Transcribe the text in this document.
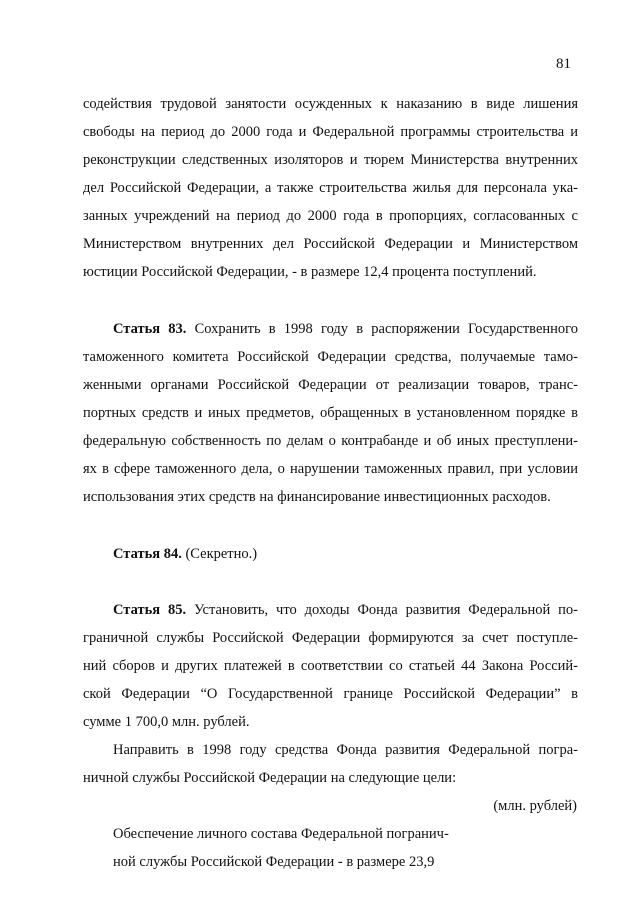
81
содействия трудовой занятости осужденных к наказанию в виде лишения
свободы на период до 2000 года и Федеральной программы строительства и
реконструкции следственных изоляторов и тюрем Министерства внутренних
дел Российской Федерации, а также строительства жилья для персонала ука-
занных учреждений на период до 2000 года в пропорциях, согласованных с
Министерством внутренних дел Российской Федерации и Министерством
юстиции Российской Федерации, - в размере 12,4 процента поступлений.
Статья 83. Сохранить в 1998 году в распоряжении Государственного
таможенного комитета Российской Федерации средства, получаемые тамо-
женными органами Российской Федерации от реализации товаров, транс-
портных средств и иных предметов, обращенных в установленном порядке в
федеральную собственность по делам о контрабанде и об иных преступлени-
ях в сфере таможенного дела, о нарушении таможенных правил, при условии
использования этих средств на финансирование инвестиционных расходов.
Статья 84. (Секретно.)
Статья 85. Установить, что доходы Фонда развития Федеральной по-
граничной службы Российской Федерации формируются за счет поступле-
ний сборов и других платежей в соответствии со статьей 44 Закона Россий-
ской Федерации “О Государственной границе Российской Федерации” в
сумме 1 700,0 млн. рублей.
Направить в 1998 году средства Фонда развития Федеральной погра-
ничной службы Российской Федерации на следующие цели:
(млн. рублей)
Обеспечение личного состава Федеральной погранич-
ной службы Российской Федерации - в размере 23,9
